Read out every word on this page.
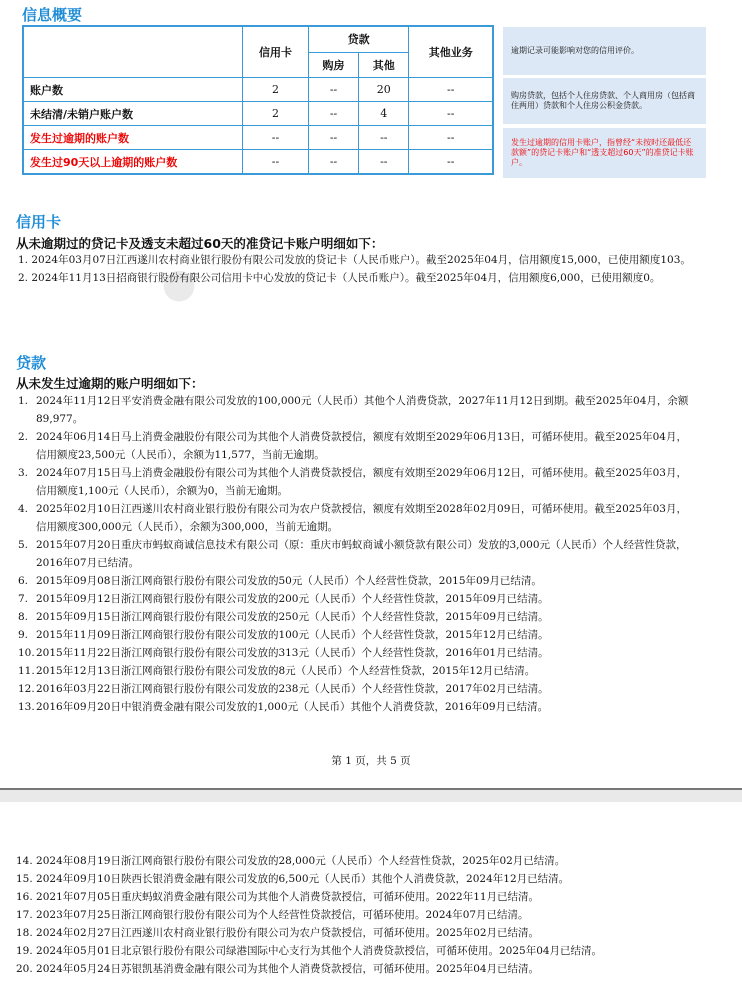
●
信息概要
	信用卡	贷款		其他业务
		购房	其他	
账户数	2	--	20	--
未结清/未销户账户数	2	--	4	--
发生过逾期的账户数	--	--	--	--
发生过90天以上逾期的账户数	--	--	--	--
逾期记录可能影响对您的信用评价。
购房贷款，包括个人住房贷款、个人商用房（包括商住两用）贷款和个人住房公积金贷款。
发生过逾期的信用卡账户，指曾经“未按时还最低还款额”的贷记卡账户和“透支超过60天”的准贷记卡账户。
信用卡
从未逾期过的贷记卡及透支未超过60天的准贷记卡账户明细如下：
1. 2024年03月07日江西遂川农村商业银行股份有限公司发放的贷记卡（人民币账户）。截至2025年04月，信用额度15,000，已使用额度103。
2. 2024年11月13日招商银行股份有限公司信用卡中心发放的贷记卡（人民币账户）。截至2025年04月，信用额度6,000，已使用额度0。
贷款
从未发生过逾期的账户明细如下：
1. 2024年11月12日平安消费金融有限公司发放的100,000元（人民币）其他个人消费贷款，2027年11月12日到期。截至2025年04月，余额89,977。
2. 2024年06月14日马上消费金融股份有限公司为其他个人消费贷款授信，额度有效期至2029年06月13日，可循环使用。截至2025年04月，信用额度23,500元（人民币），余额为11,577，当前无逾期。
3. 2024年07月15日马上消费金融股份有限公司为其他个人消费贷款授信，额度有效期至2029年06月12日，可循环使用。截至2025年03月，信用额度1,100元（人民币），余额为0，当前无逾期。
4. 2025年02月10日江西遂川农村商业银行股份有限公司为农户贷款授信，额度有效期至2028年02月09日，可循环使用。截至2025年03月，信用额度300,000元（人民币），余额为300,000，当前无逾期。
5. 2015年07月20日重庆市蚂蚁商诚信息技术有限公司（原：重庆市蚂蚁商诚小额贷款有限公司）发放的3,000元（人民币）个人经营性贷款，2016年07月已结清。
6. 2015年09月08日浙江网商银行股份有限公司发放的50元（人民币）个人经营性贷款，2015年09月已结清。
7. 2015年09月12日浙江网商银行股份有限公司发放的200元（人民币）个人经营性贷款，2015年09月已结清。
8. 2015年09月15日浙江网商银行股份有限公司发放的250元（人民币）个人经营性贷款，2015年09月已结清。
9. 2015年11月09日浙江网商银行股份有限公司发放的100元（人民币）个人经营性贷款，2015年12月已结清。
10. 2015年11月22日浙江网商银行股份有限公司发放的313元（人民币）个人经营性贷款，2016年01月已结清。
11. 2015年12月13日浙江网商银行股份有限公司发放的8元（人民币）个人经营性贷款，2015年12月已结清。
12. 2016年03月22日浙江网商银行股份有限公司发放的238元（人民币）个人经营性贷款，2017年02月已结清。
13. 2016年09月20日中银消费金融有限公司发放的1,000元（人民币）其他个人消费贷款，2016年09月已结清。
第 1 页，共 5 页
14. 2024年08月19日浙江网商银行股份有限公司发放的28,000元（人民币）个人经营性贷款，2025年02月已结清。
15. 2024年09月10日陕西长银消费金融有限公司发放的6,500元（人民币）其他个人消费贷款，2024年12月已结清。
16. 2021年07月05日重庆蚂蚁消费金融有限公司为其他个人消费贷款授信，可循环使用。2022年11月已结清。
17. 2023年07月25日浙江网商银行股份有限公司为个人经营性贷款授信，可循环使用。2024年07月已结清。
18. 2024年02月27日江西遂川农村商业银行股份有限公司为农户贷款授信，可循环使用。2025年02月已结清。
19. 2024年05月01日北京银行股份有限公司绿港国际中心支行为其他个人消费贷款授信，可循环使用。2025年04月已结清。
20. 2024年05月24日苏银凯基消费金融有限公司为其他个人消费贷款授信，可循环使用。2025年04月已结清。
